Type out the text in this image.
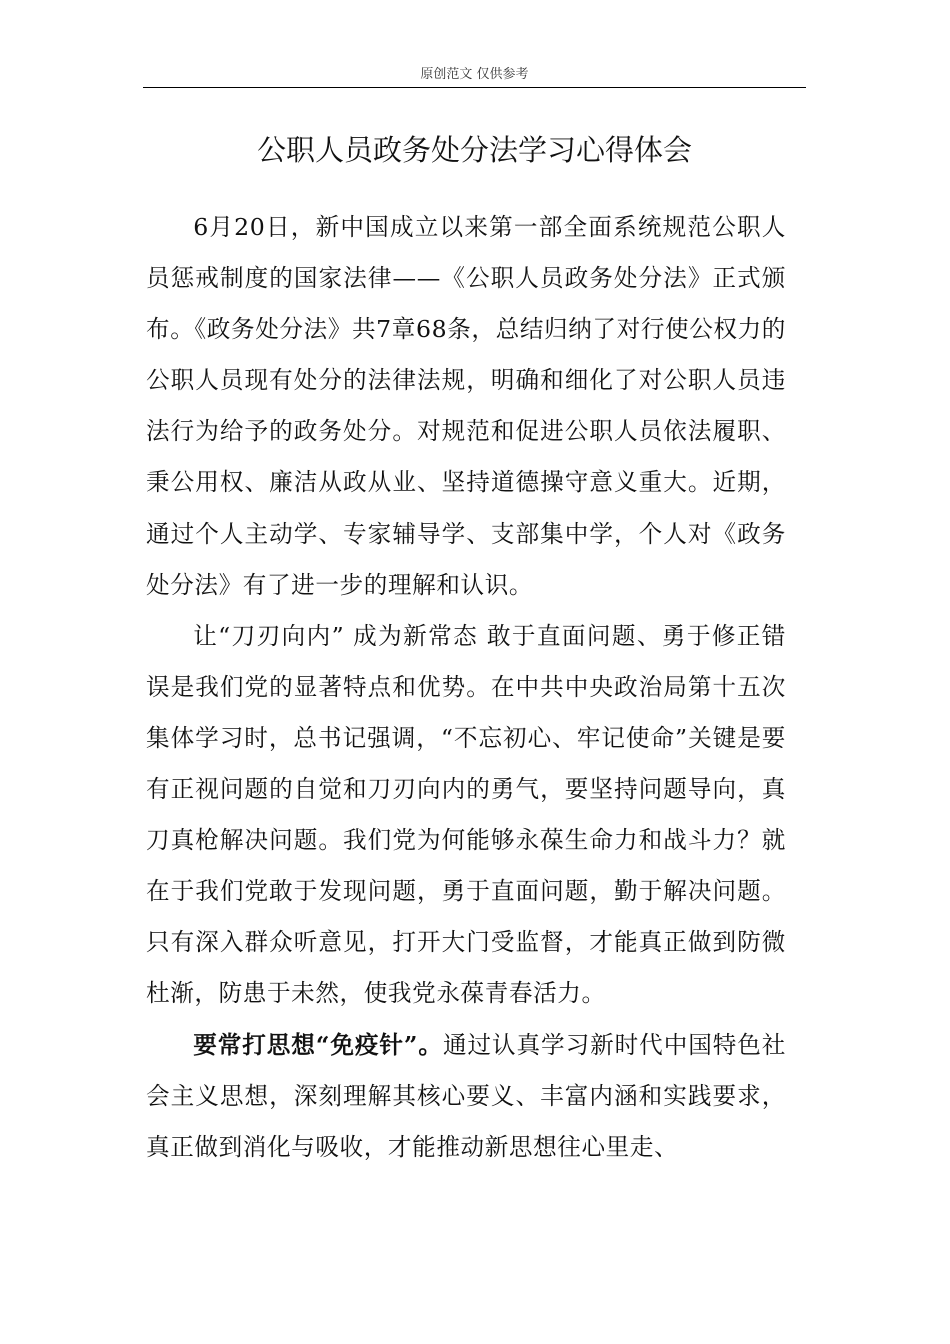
原创范文 仅供参考
公职人员政务处分法学习心得体会

6月20日，新中国成立以来第一部全面系统规范公职人员惩戒制度的国家法律——《公职人员政务处分法》正式颁布。《政务处分法》共7章68条，总结归纳了对行使公权力的公职人员现有处分的法律法规，明确和细化了对公职人员违法行为给予的政务处分。对规范和促进公职人员依法履职、秉公用权、廉洁从政从业、坚持道德操守意义重大。近期，通过个人主动学、专家辅导学、支部集中学，个人对《政务处分法》有了进一步的理解和认识。

让“刀刃向内” 成为新常态 敢于直面问题、勇于修正错误是我们党的显著特点和优势。在中共中央政治局第十五次集体学习时，总书记强调，“不忘初心、牢记使命”关键是要有正视问题的自觉和刀刃向内的勇气，要坚持问题导向，真刀真枪解决问题。我们党为何能够永葆生命力和战斗力？就在于我们党敢于发现问题，勇于直面问题，勤于解决问题。只有深入群众听意见，打开大门受监督，才能真正做到防微杜渐，防患于未然，使我党永葆青春活力。

要常打思想“免疫针”。通过认真学习新时代中国特色社会主义思想，深刻理解其核心要义、丰富内涵和实践要求，真正做到消化与吸收，才能推动新思想往心里走、
